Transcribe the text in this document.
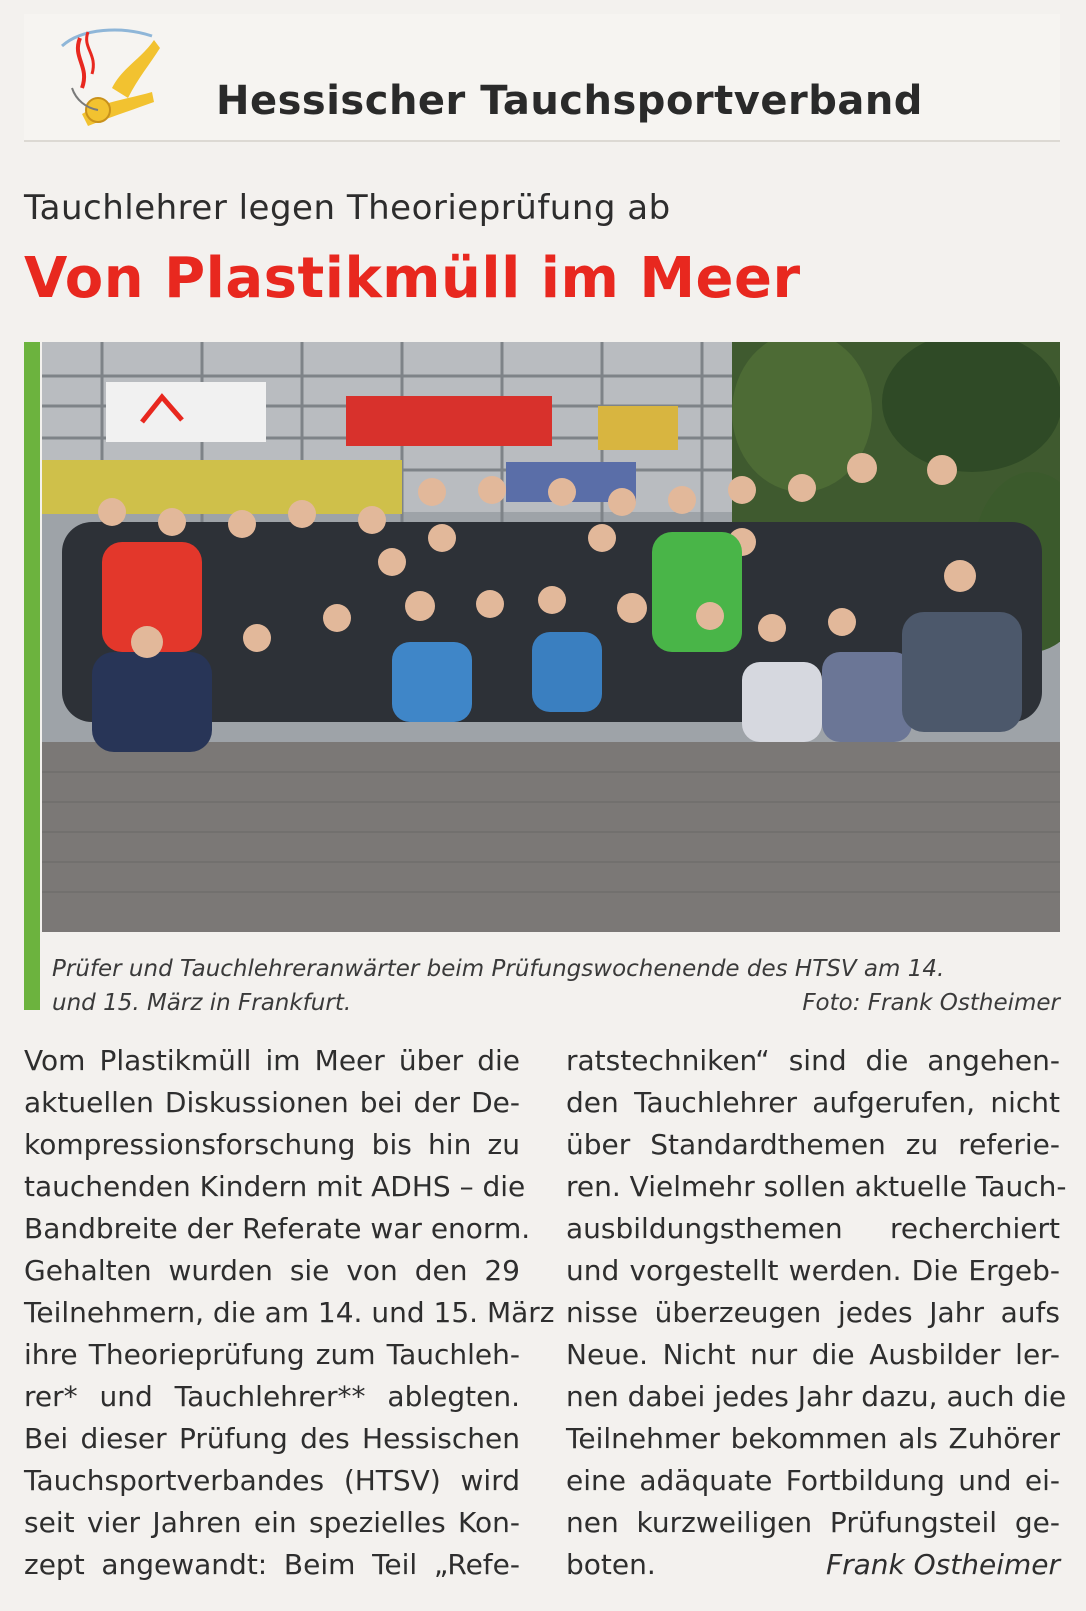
Hessischer Tauchsportverband
Tauchlehrer legen Theorieprüfung ab
Von Plastikmüll im Meer
Prüfer und Tauchlehreranwärter beim Prüfungswochenende des HTSV am 14.
und 15. März in Frankfurt.	Foto: Frank Ostheimer
Vom Plastikmüll im Meer über die
aktuellen Diskussionen bei der De-
kompressionsforschung bis hin zu
tauchenden Kindern mit ADHS – die
Bandbreite der Referate war enorm.
Gehalten wurden sie von den 29
Teilnehmern, die am 14. und 15. März
ihre Theorieprüfung zum Tauchleh-
rer* und Tauchlehrer** ablegten.
Bei dieser Prüfung des Hessischen
Tauchsportverbandes (HTSV) wird
seit vier Jahren ein spezielles Kon-
zept angewandt: Beim Teil „Refe-
ratstechniken“ sind die angehen-
den Tauchlehrer aufgerufen, nicht
über Standardthemen zu referie-
ren. Vielmehr sollen aktuelle Tauch-
ausbildungsthemen recherchiert
und vorgestellt werden. Die Ergeb-
nisse überzeugen jedes Jahr aufs
Neue. Nicht nur die Ausbilder ler-
nen dabei jedes Jahr dazu, auch die
Teilnehmer bekommen als Zuhörer
eine adäquate Fortbildung und ei-
nen kurzweiligen Prüfungsteil ge-
boten.	Frank Ostheimer
